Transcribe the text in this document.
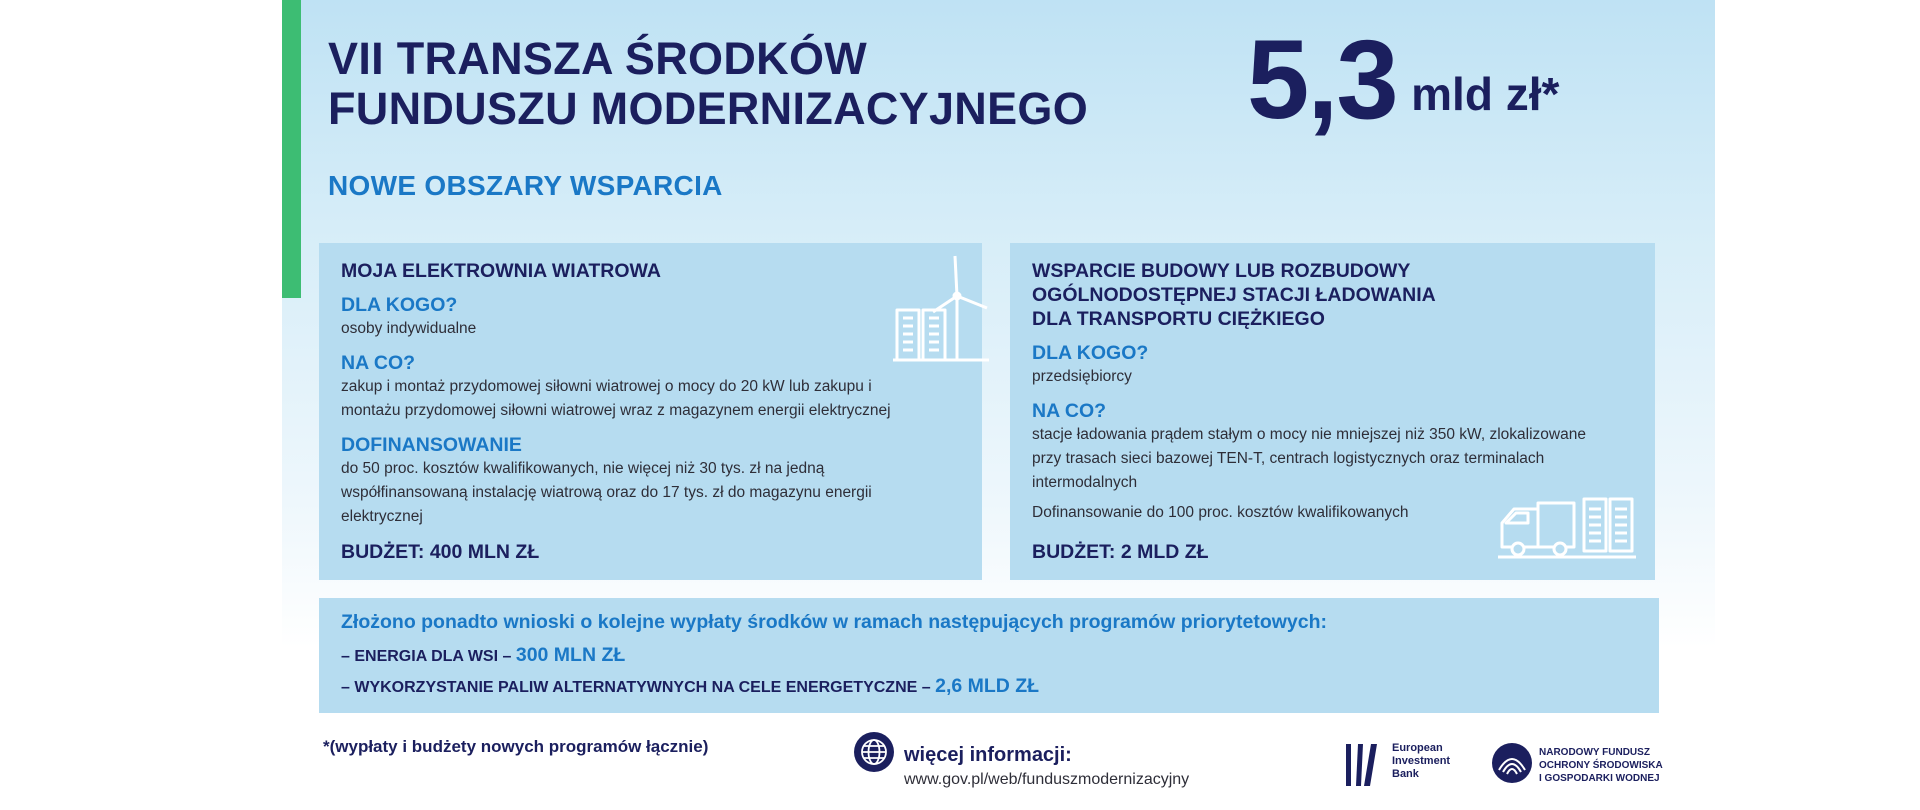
VII TRANSZA ŚRODKÓW
FUNDUSZU MODERNIZACYJNEGO 5,3 mld zł*
NOWE OBSZARY WSPARCIA
MOJA ELEKTROWNIA WIATROWA
DLA KOGO?
osoby indywidualne
NA CO?
zakup i montaż przydomowej siłowni wiatrowej o mocy do 20 kW lub zakupu i
montażu przydomowej siłowni wiatrowej wraz z magazynem energii elektrycznej
DOFINANSOWANIE
do 50 proc. kosztów kwalifikowanych, nie więcej niż 30 tys. zł na jedną
współfinansowaną instalację wiatrową oraz do 17 tys. zł do magazynu energii
elektrycznej
BUDŻET: 400 MLN ZŁ
WSPARCIE BUDOWY LUB ROZBUDOWY
OGÓLNODOSTĘPNEJ STACJI ŁADOWANIA
DLA TRANSPORTU CIĘŻKIEGO
DLA KOGO?
przedsiębiorcy
NA CO?
stacje ładowania prądem stałym o mocy nie mniejszej niż 350 kW, zlokalizowane
przy trasach sieci bazowej TEN-T, centrach logistycznych oraz terminalach
intermodalnych
Dofinansowanie do 100 proc. kosztów kwalifikowanych
BUDŻET: 2 MLD ZŁ
Złożono ponadto wnioski o kolejne wypłaty środków w ramach następujących programów priorytetowych:
– ENERGIA DLA WSI – 300 MLN ZŁ
– WYKORZYSTANIE PALIW ALTERNATYWNYCH NA CELE ENERGETYCZNE – 2,6 MLD ZŁ
*(wypłaty i budżety nowych programów łącznie)	więcej informacji:
www.gov.pl/web/funduszmodernizacyjny
European
Investment
Bank
NARODOWY FUNDUSZ
OCHRONY ŚRODOWISKA
I GOSPODARKI WODNEJ
